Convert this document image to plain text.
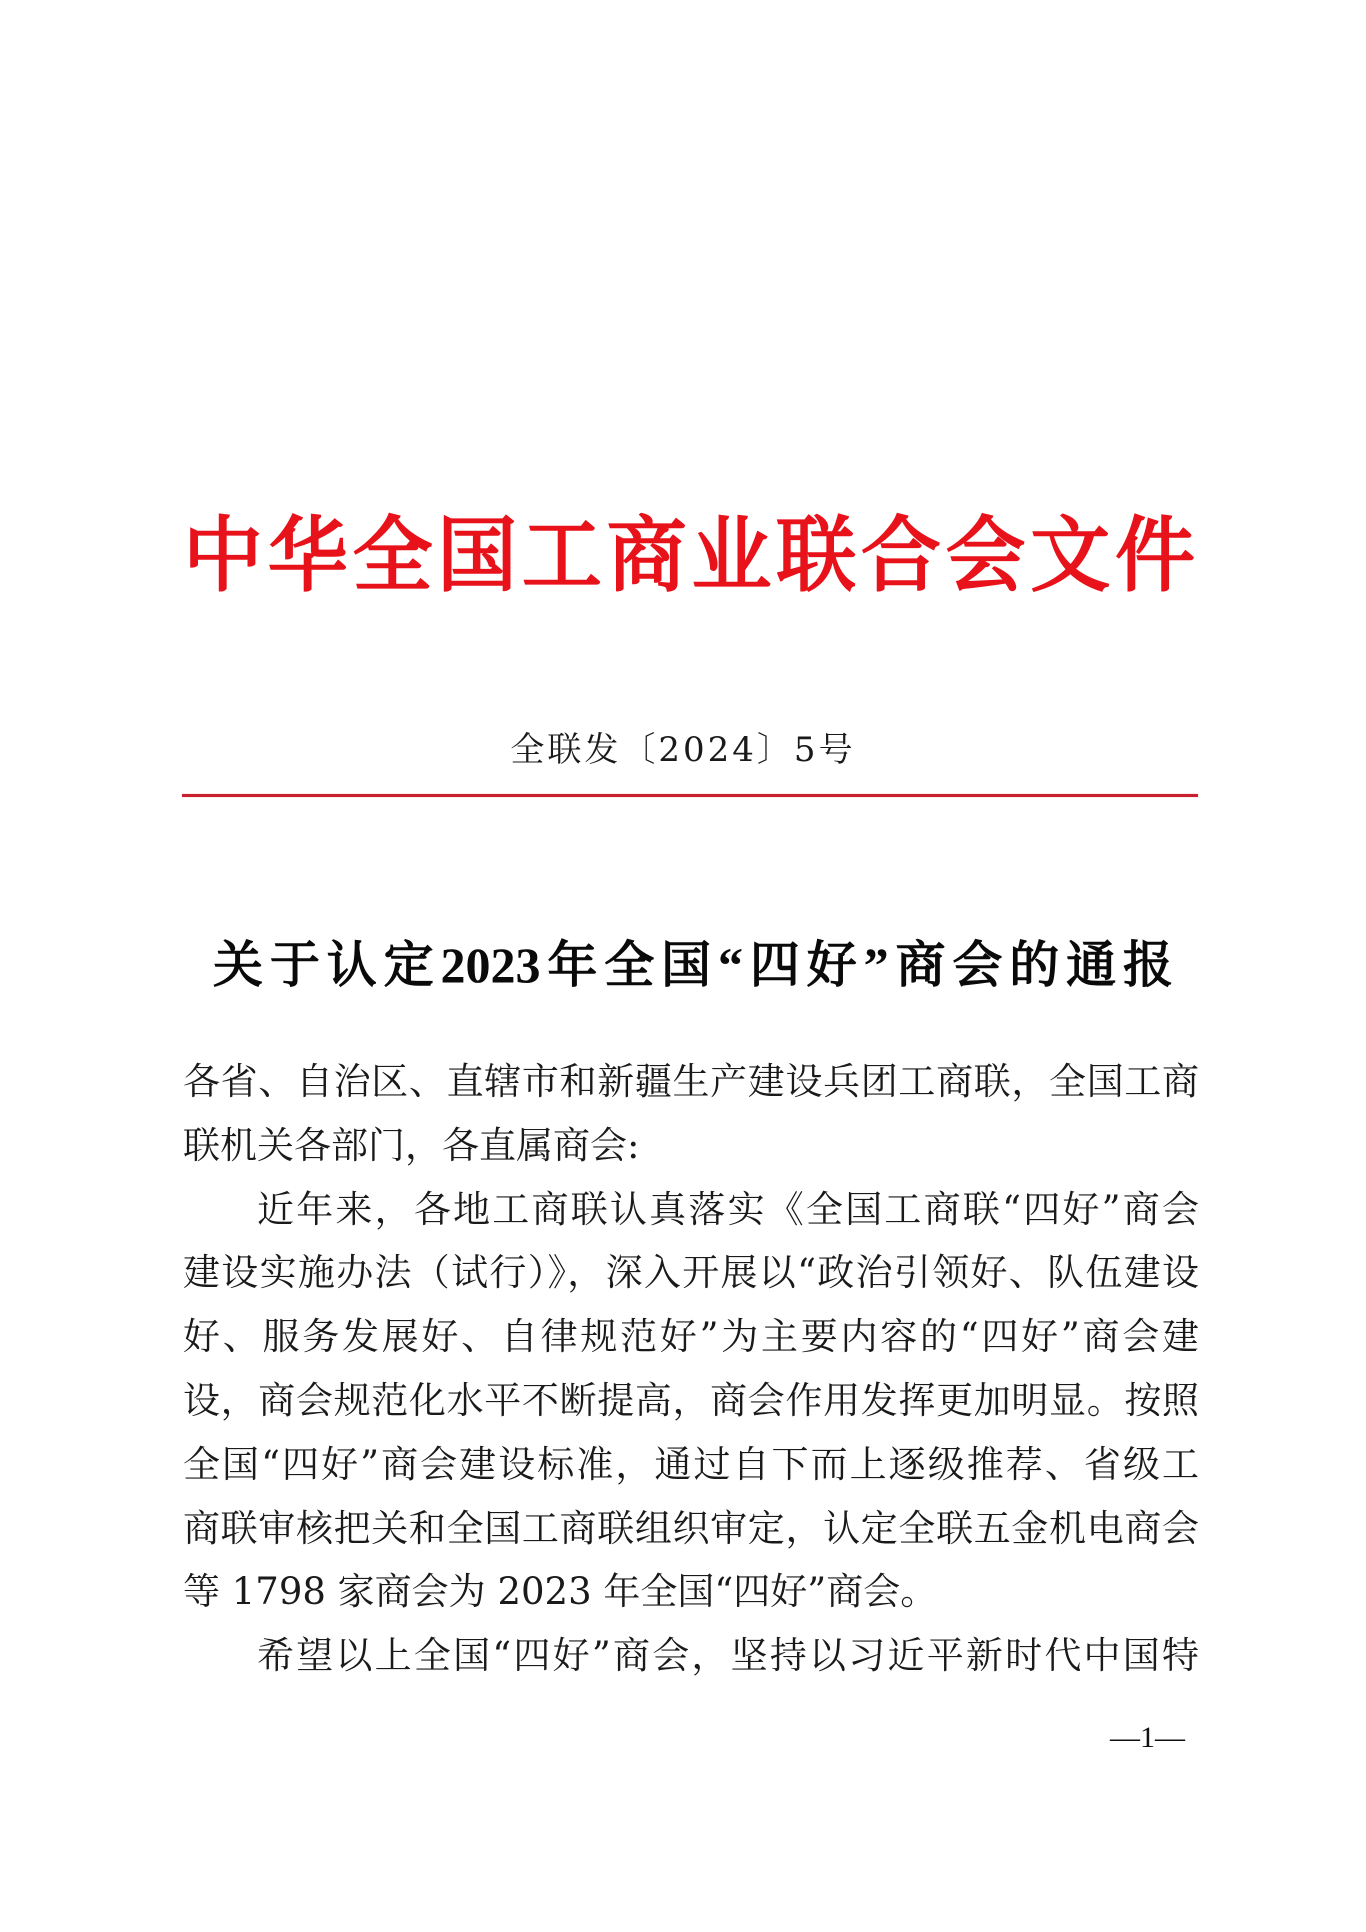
中华全国工商业联合会文件
全联发〔2024〕5号
关于认定2023年全国“四好”商会的通报
各省、自治区、直辖市和新疆生产建设兵团工商联，全国工商
联机关各部门，各直属商会:
近年来，各地工商联认真落实《全国工商联“四好”商会
建设实施办法（试行）》，深入开展以“政治引领好、队伍建设
好、服务发展好、自律规范好”为主要内容的“四好”商会建
设，商会规范化水平不断提高，商会作用发挥更加明显。按照
全国“四好”商会建设标准，通过自下而上逐级推荐、省级工
商联审核把关和全国工商联组织审定，认定全联五金机电商会
等 1798 家商会为 2023 年全国“四好”商会。
希望以上全国“四好”商会，坚持以习近平新时代中国特
—1—
